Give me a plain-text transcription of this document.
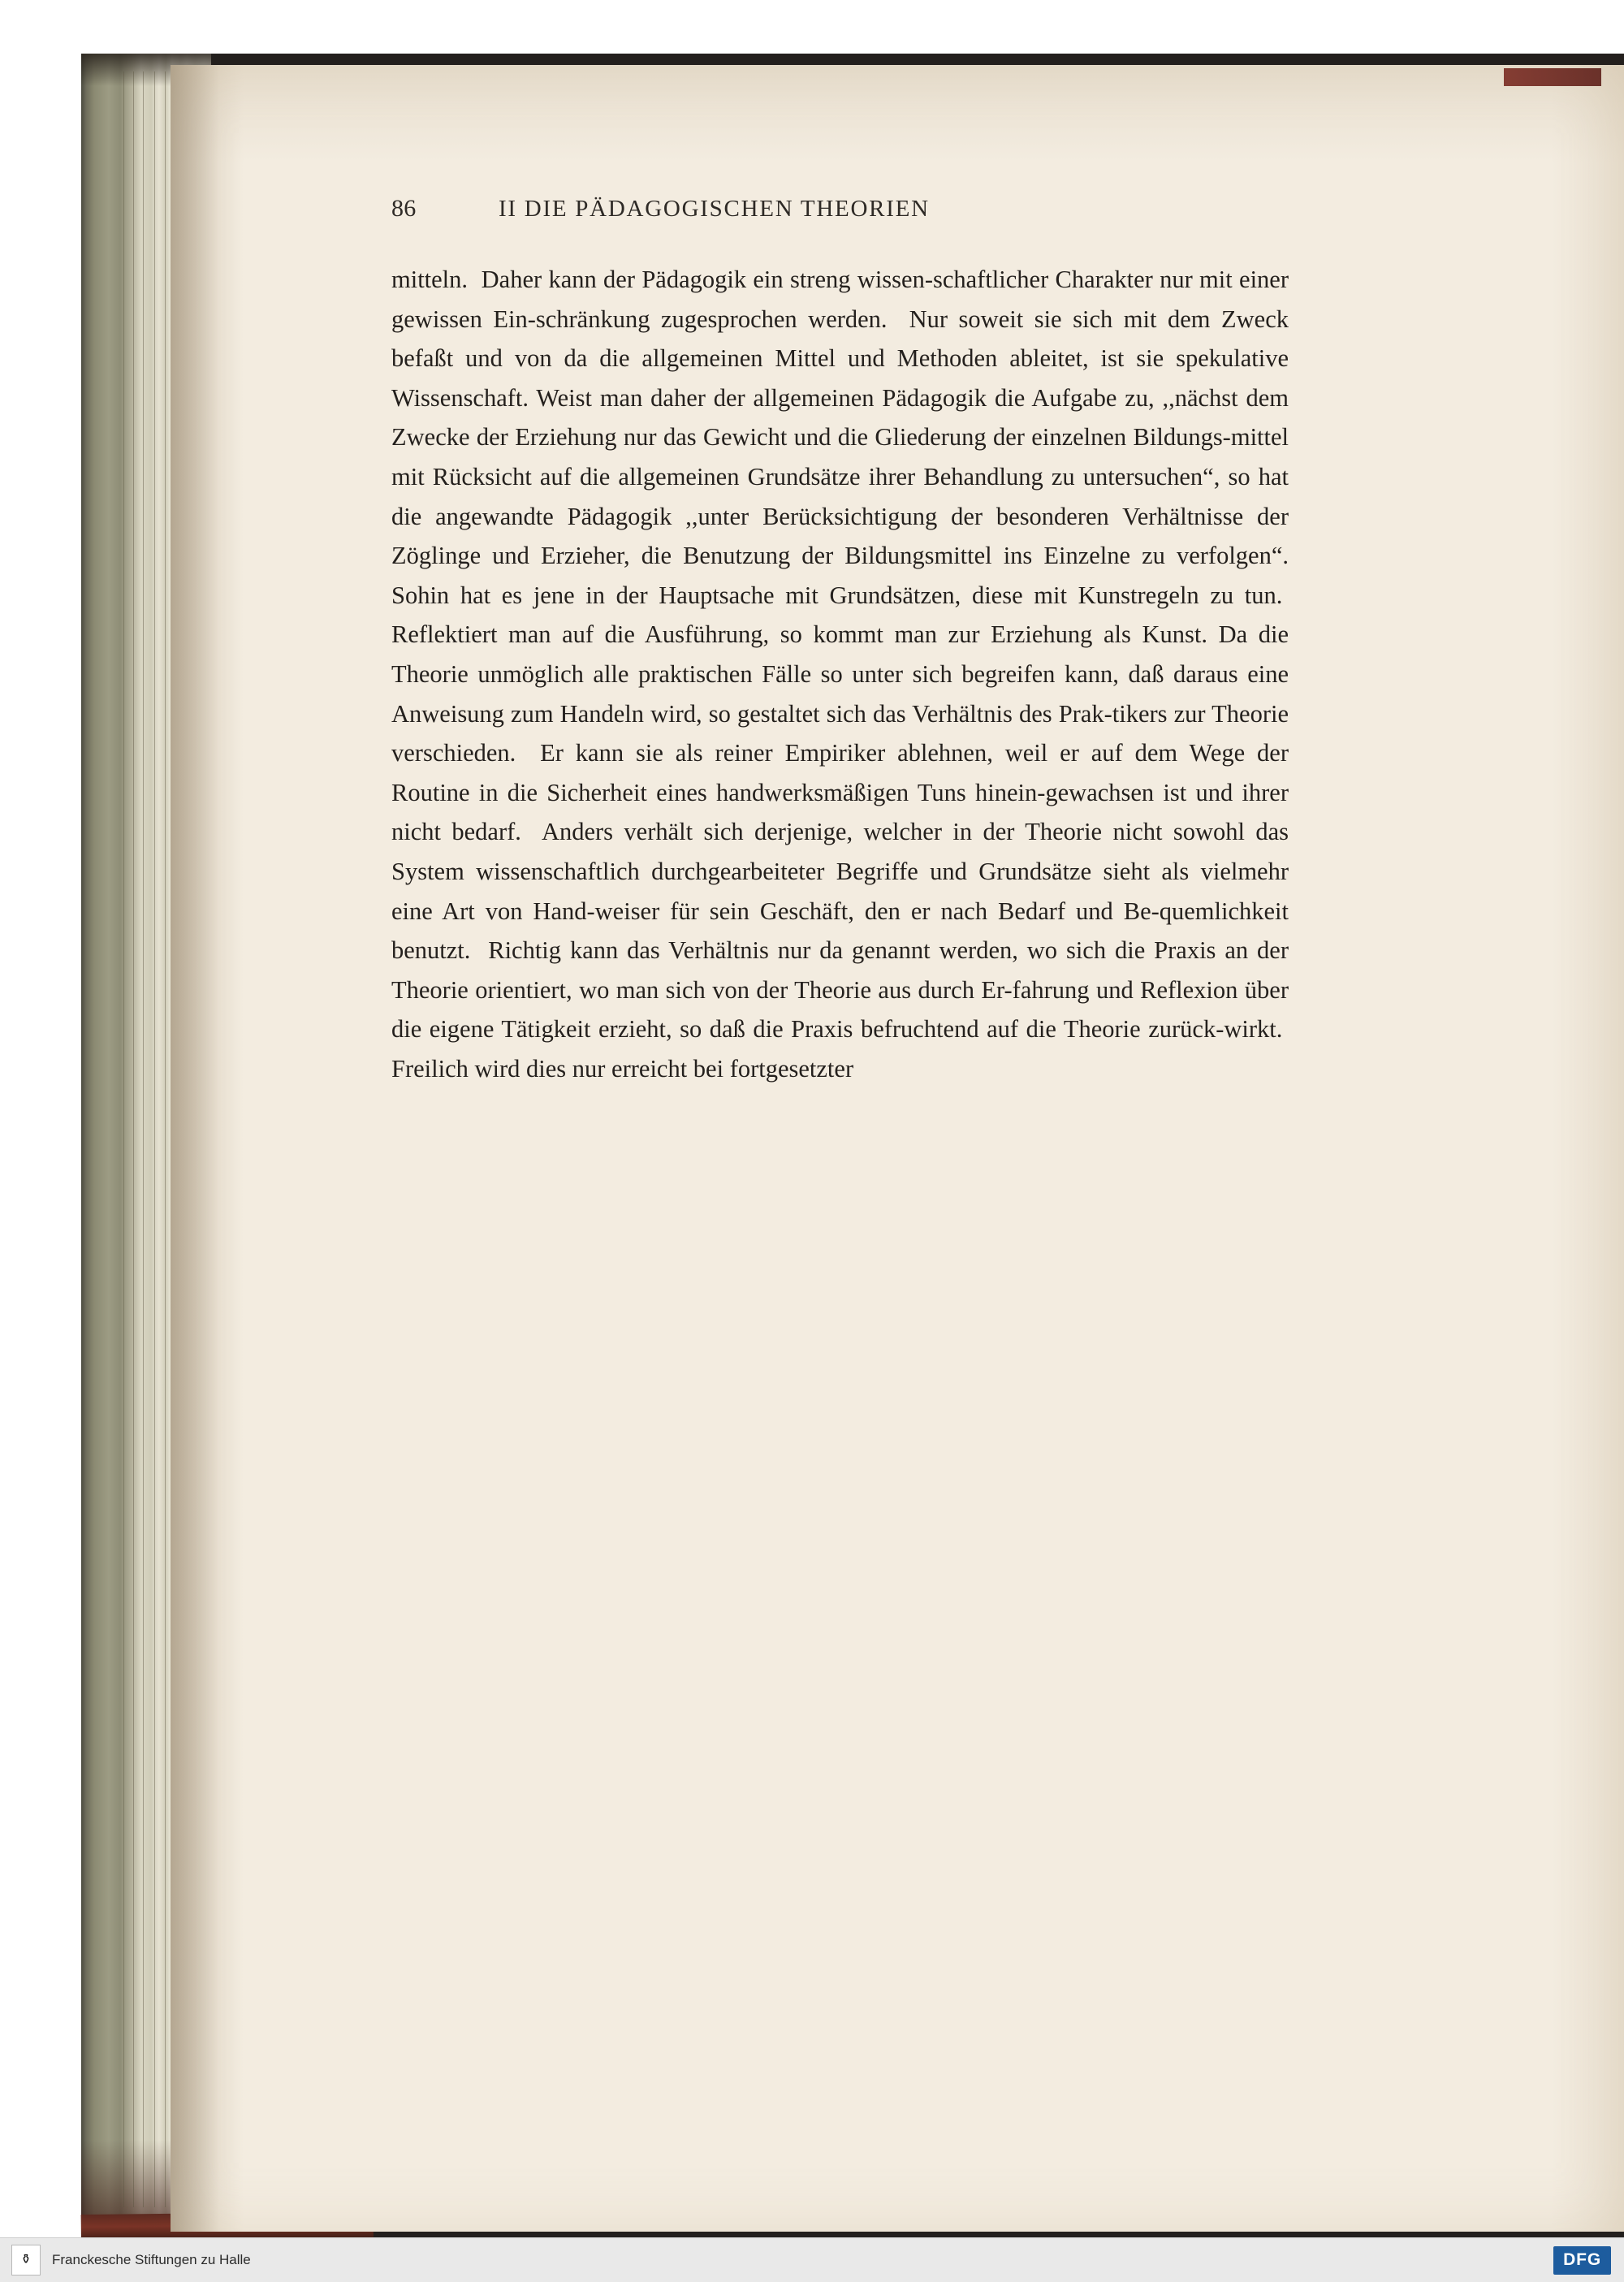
86	II DIE PÄDAGOGISCHEN THEORIEN

mitteln.  Daher kann der Pädagogik ein streng wissen-schaftlicher Charakter nur mit einer gewissen Ein-schränkung zugesprochen werden.  Nur soweit sie sich mit dem Zweck befaßt und von da die allgemeinen Mittel und Methoden ableitet, ist sie spekulative Wissenschaft. Weist man daher der allgemeinen Pädagogik die Aufgabe zu, ,,nächst dem Zwecke der Erziehung nur das Gewicht und die Gliederung der einzelnen Bildungs-mittel mit Rücksicht auf die allgemeinen Grundsätze ihrer Behandlung zu untersuchen“, so hat die angewandte Pädagogik ,,unter Berücksichtigung der besonderen Verhältnisse der Zöglinge und Erzieher, die Benutzung der Bildungsmittel ins Einzelne zu verfolgen“. Sohin hat es jene in der Hauptsache mit Grundsätzen, diese mit Kunstregeln zu tun.  Reflektiert man auf die Ausführung, so kommt man zur Erziehung als Kunst. Da die Theorie unmöglich alle praktischen Fälle so unter sich begreifen kann, daß daraus eine Anweisung zum Handeln wird, so gestaltet sich das Verhältnis des Prak-tikers zur Theorie verschieden.  Er kann sie als reiner Empiriker ablehnen, weil er auf dem Wege der Routine in die Sicherheit eines handwerksmäßigen Tuns hinein-gewachsen ist und ihrer nicht bedarf.  Anders verhält sich derjenige, welcher in der Theorie nicht sowohl das System wissenschaftlich durchgearbeiteter Begriffe und Grundsätze sieht als vielmehr eine Art von Hand-weiser für sein Geschäft, den er nach Bedarf und Be-quemlichkeit benutzt.  Richtig kann das Verhältnis nur da genannt werden, wo sich die Praxis an der Theorie orientiert, wo man sich von der Theorie aus durch Er-fahrung und Reflexion über die eigene Tätigkeit erzieht, so daß die Praxis befruchtend auf die Theorie zurück-wirkt.  Freilich wird dies nur erreicht bei fortgesetzter

⚱ Franckesche Stiftungen zu Halle	DFG
